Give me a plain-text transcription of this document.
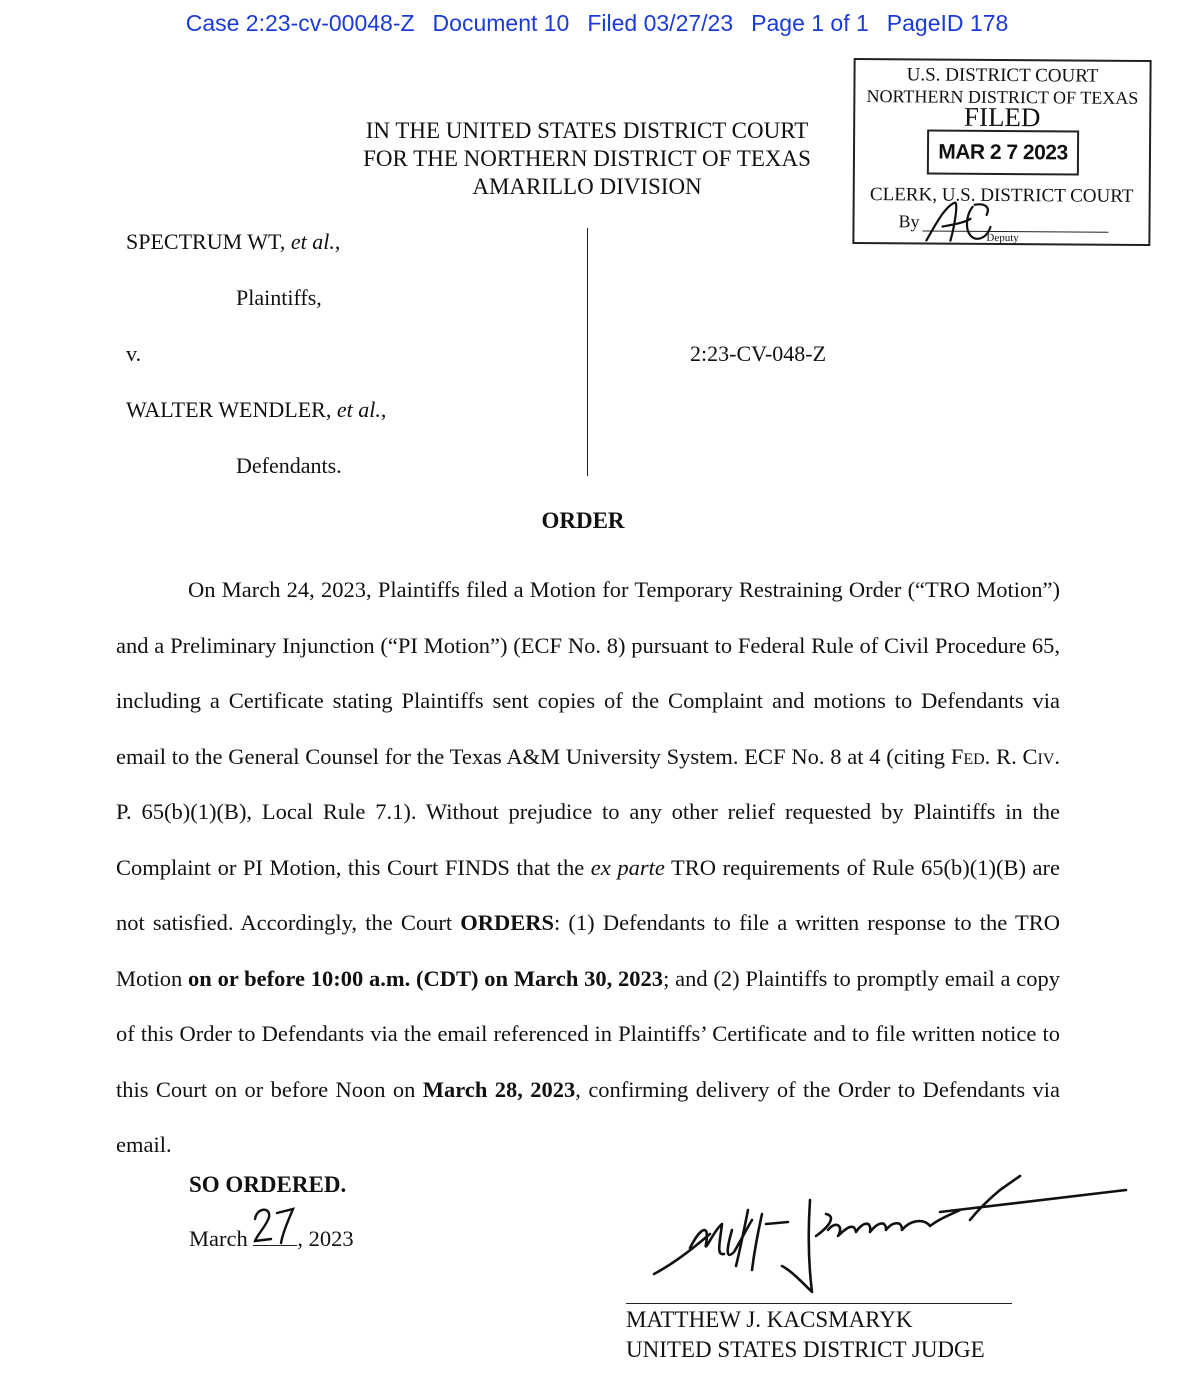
Case 2:23-cv-00048-Z Document 10 Filed 03/27/23 Page 1 of 1 PageID 178
IN THE UNITED STATES DISTRICT COURT
FOR THE NORTHERN DISTRICT OF TEXAS
AMARILLO DIVISION
U.S. DISTRICT COURT
NORTHERN DISTRICT OF TEXAS
FILED
MAR 2 7 2023
CLERK, U.S. DISTRICT COURT
By
Deputy
SPECTRUM WT, et al.,
Plaintiffs,
v.
WALTER WENDLER, et al.,
Defendants.
2:23-CV-048-Z
ORDER

On March 24, 2023, Plaintiffs filed a Motion for Temporary Restraining Order (“TRO Motion”) and a Preliminary Injunction (“PI Motion”) (ECF No. 8) pursuant to Federal Rule of Civil Procedure 65, including a Certificate stating Plaintiffs sent copies of the Complaint and motions to Defendants via email to the General Counsel for the Texas A&M University System. ECF No. 8 at 4 (citing Fed. R. Civ. P. 65(b)(1)(B), Local Rule 7.1). Without prejudice to any other relief requested by Plaintiffs in the Complaint or PI Motion, this Court FINDS that the ex parte TRO requirements of Rule 65(b)(1)(B) are not satisfied. Accordingly, the Court ORDERS: (1) Defendants to file a written response to the TRO Motion on or before 10:00 a.m. (CDT) on March 30, 2023; and (2) Plaintiffs to promptly email a copy of this Order to Defendants via the email referenced in Plaintiffs’ Certificate and to file written notice to this Court on or before Noon on March 28, 2023, confirming delivery of the Order to Defendants via email.

SO ORDERED.
March
27
, 2023
MATTHEW J. KACSMARYK
UNITED STATES DISTRICT JUDGE
